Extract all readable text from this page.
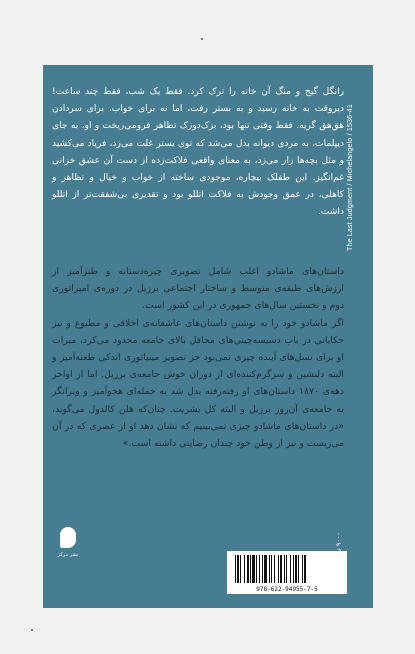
رانگل گیج و منگ آن خانه را ترک کرد. فقط یک شب، فقط چند ساعت! دیروقت به خانه رسید و به بستر رفت، اما نه برای خواب، برای سردادن هق‌هق گریه. فقط وقتی تنها بود، بزک‌دوزک تظاهر فرومی‌ریخت و او، به جای دیپلمات، به مردی دیوانه بدل می‌شد که توی بستر غلت می‌زد، فریاد می‌کشید و مثل بچه‌ها زار می‌زد، به معنای واقعی فلاکت‌زده از دست آن عشق خزانی غم‌انگیز. این طفلک بیچاره، موجودی ساخته از خواب و خیال و تظاهر و کاهلی، در عمق وجودش به فلاکت اتللو بود و تقدیری بی‌شفقت‌تر از اتللو داشت. The Last Judgment / Michelangelo / 1536-41

داستان‌های ماشادو اغلب شامل تصویری چیره‌دستانه و طنزآمیز از ارزش‌های طبقه‌ی متوسط و ساختار اجتماعی برزیل در دوره‌ی امپراتوری دوم و نخستین سال‌های جمهوری در این کشور است.

اگر ماشادو خود را به نوشتن داستان‌های عاشقانه‌ی اخلاقی و مطبوع و نیز حکایاتی در باب دسیسه‌چینی‌های محافل بالای جامعه محدود می‌کرد، میراث او برای نسل‌های آینده چیزی نمی‌بود جز تصویر مینیاتوری اندکی طعنه‌آمیز و البته دلنشین و سرگرم‌کننده‌ای از دوران خوش جامعه‌ی برزیل. اما از اواخر دهه‌ی ۱۸۷۰ داستان‌های او رفته‌رفته بدل شد به حمله‌ای هجوآمیز و ویرانگر به جامعه‌ی آن‌روز برزیل و البته کل بشریت. چنان‌که هلن کالدول می‌گوید، «در داستان‌های ماشادو چیزی نمی‌بینیم که نشان دهد او از عصری که در آن می‌زیست و نیز از وطن خود چندان رضایتی داشته است.»

نشر مرکز
۹۰۰۰
978-622-94955-7-5
